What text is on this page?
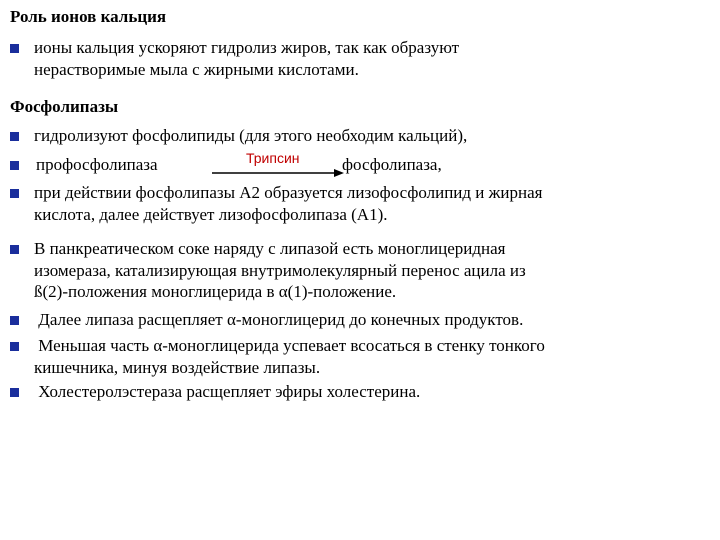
Роль ионов кальция
ионы кальция ускоряют гидролиз жиров, так как образуют
нерастворимые мыла с жирными кислотами.
Фосфолипазы
гидролизуют фосфолипиды (для этого необходим кальций),
профосфолипаза	Трипсин фосфолипаза,
при действии фосфолипазы А2 образуется лизофосфолипид и жирная
кислота, далее действует лизофосфолипаза (А1).
В панкреатическом соке наряду с липазой есть моноглицеридная
изомераза, катализирующая внутримолекулярный перенос ацила из
ß(2)-положения моноглицерида в α(1)-положение.
Далее липаза расщепляет α-моноглицерид до конечных продуктов.
Меньшая часть α-моноглицерида успевает всосаться в стенку тонкого
кишечника, минуя воздействие липазы.
Холестеролэстераза расщепляет эфиры холестерина.
